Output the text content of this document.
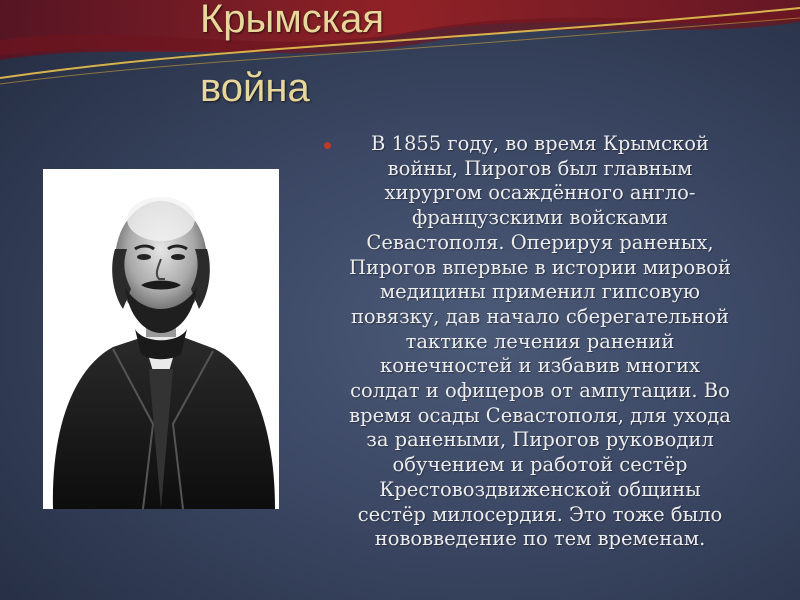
Крымская
война

В 1855 году, во время Крымской
войны, Пирогов был главным
хирургом осаждённого англо-
французскими войсками
Севастополя. Оперируя раненых,
Пирогов впервые в истории мировой
медицины применил гипсовую
повязку, дав начало сберегательной
тактике лечения ранений
конечностей и избавив многих
солдат и офицеров от ампутации. Во
время осады Севастополя, для ухода
за ранеными, Пирогов руководил
обучением и работой сестёр
Крестовоздвиженской общины
сестёр милосердия. Это тоже было
нововведение по тем временам.
